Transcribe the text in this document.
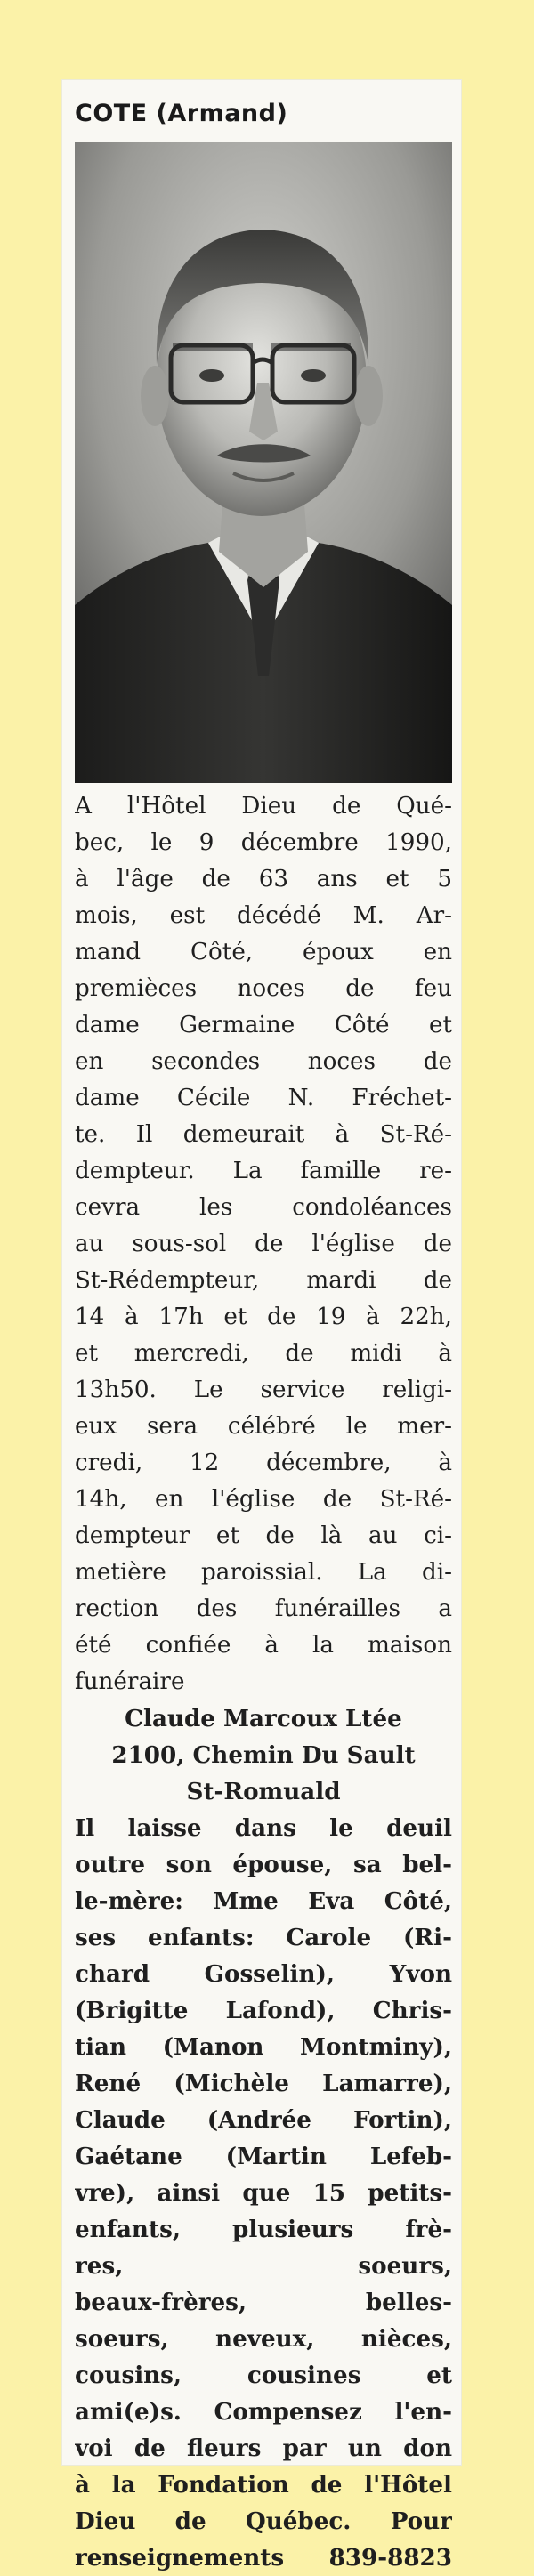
COTE (Armand)
A l'Hôtel Dieu de Qué-
bec, le 9 décembre 1990,
à l'âge de 63 ans et 5
mois, est décédé M. Ar-
mand Côté, époux en
premièces noces de feu
dame Germaine Côté et
en secondes noces de
dame Cécile N. Fréchet-
te. Il demeurait à St-Ré-
dempteur. La famille re-
cevra les condoléances
au sous-sol de l'église de
St-Rédempteur, mardi de
14 à 17h et de 19 à 22h,
et mercredi, de midi à
13h50. Le service religi-
eux sera célébré le mer-
credi, 12 décembre, à
14h, en l'église de St-Ré-
dempteur et de là au ci-
metière paroissial. La di-
rection des funérailles a
été confiée à la maison
funéraire
Claude Marcoux Ltée
2100, Chemin Du Sault
St-Romuald
Il laisse dans le deuil
outre son épouse, sa bel-
le-mère: Mme Eva Côté,
ses enfants: Carole (Ri-
chard Gosselin), Yvon
(Brigitte Lafond), Chris-
tian (Manon Montminy),
René (Michèle Lamarre),
Claude (Andrée Fortin),
Gaétane (Martin Lefeb-
vre), ainsi que 15 petits-
enfants, plusieurs frè-
res, soeurs,
beaux-frères, belles-
soeurs, neveux, nièces,
cousins, cousines et
ami(e)s. Compensez l'en-
voi de fleurs par un don
à la Fondation de l'Hôtel
Dieu de Québec. Pour
renseignements 839-8823
